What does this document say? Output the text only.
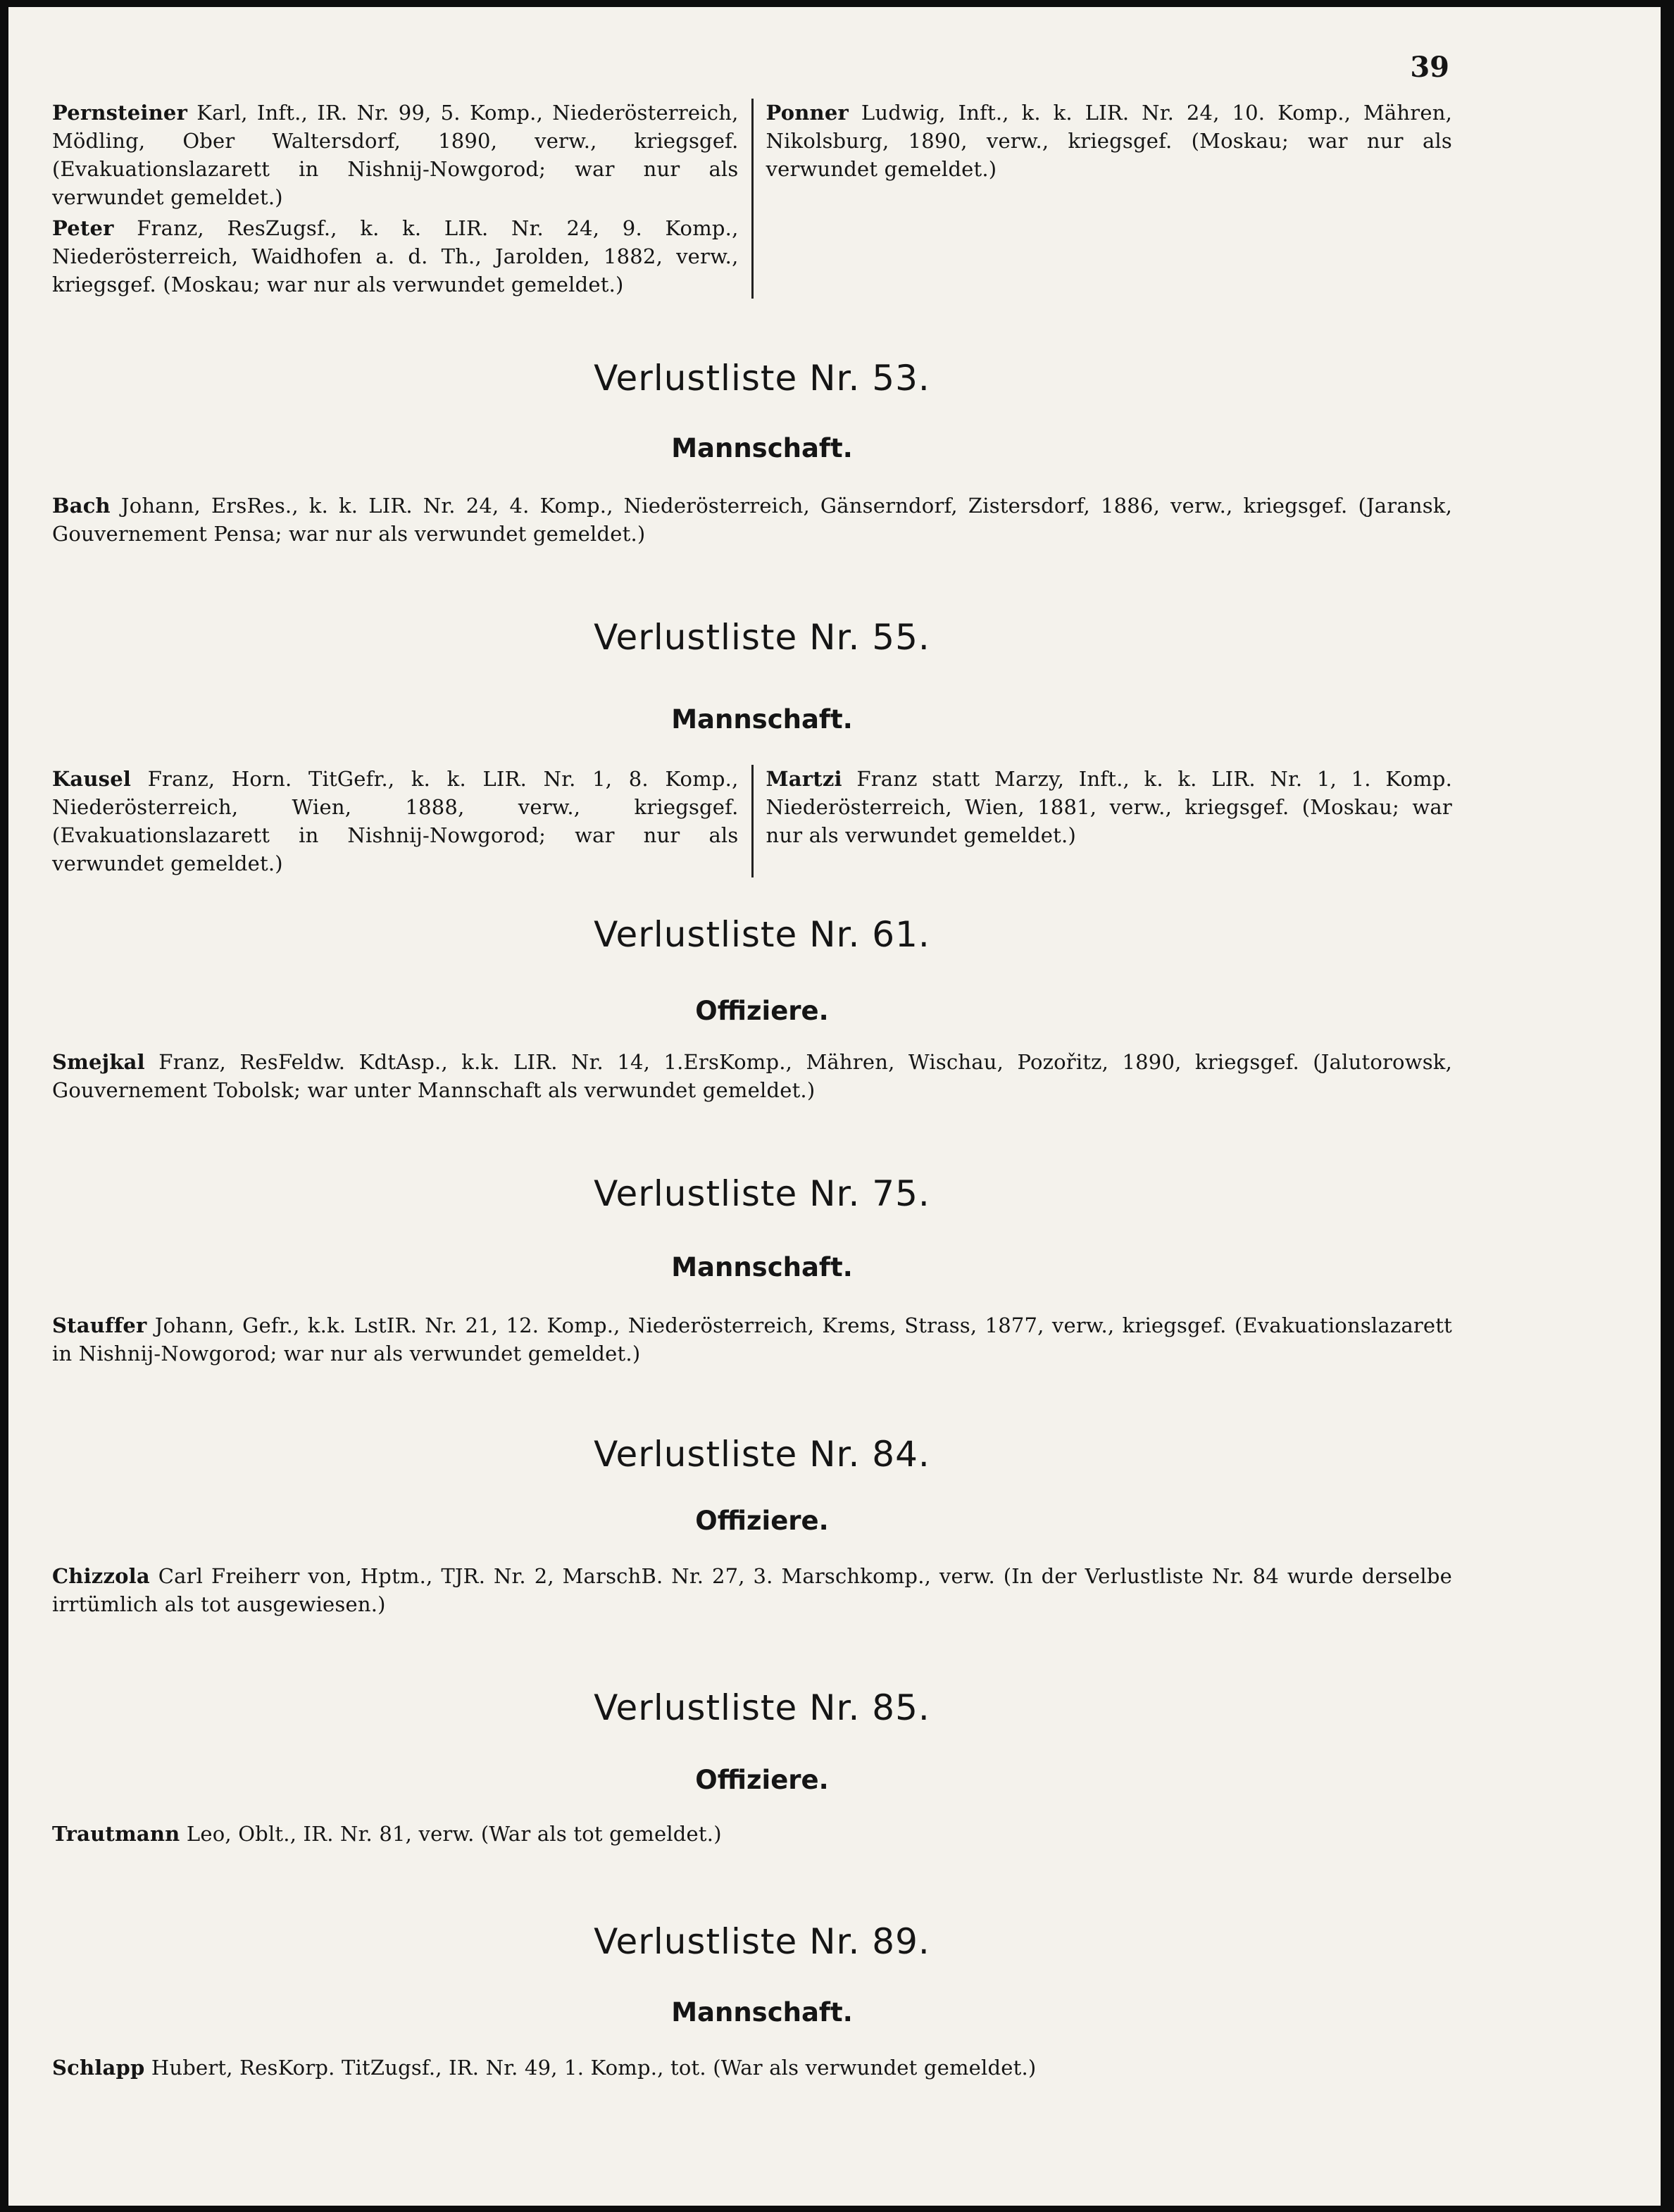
39

Pernsteiner Karl, Inft., IR. Nr. 99, 5. Komp., Niederösterreich, Mödling, Ober Waltersdorf, 1890, verw., kriegsgef. (Evakuationslazarett in Nishnij-Nowgorod; war nur als verwundet gemeldet.)

Peter Franz, ResZugsf., k. k. LIR. Nr. 24, 9. Komp., Niederösterreich, Waidhofen a. d. Th., Jarolden, 1882, verw., kriegsgef. (Moskau; war nur als verwundet gemeldet.)

Ponner Ludwig, Inft., k. k. LIR. Nr. 24, 10. Komp., Mähren, Nikolsburg, 1890, verw., kriegsgef. (Moskau; war nur als verwundet gemeldet.)

Verlustliste Nr. 53.
Mannschaft.

Bach Johann, ErsRes., k. k. LIR. Nr. 24, 4. Komp., Niederösterreich, Gänserndorf, Zistersdorf, 1886, verw., kriegsgef. (Jaransk, Gouvernement Pensa; war nur als verwundet gemeldet.)

Verlustliste Nr. 55.
Mannschaft.

Kausel Franz, Horn. TitGefr., k. k. LIR. Nr. 1, 8. Komp., Niederösterreich, Wien, 1888, verw., kriegsgef. (Evakuationslazarett in Nishnij-Nowgorod; war nur als verwundet gemeldet.)

Martzi Franz statt Marzy, Inft., k. k. LIR. Nr. 1, 1. Komp. Niederösterreich, Wien, 1881, verw., kriegsgef. (Moskau; war nur als verwundet gemeldet.)

Verlustliste Nr. 61.
Offiziere.

Smejkal Franz, ResFeldw. KdtAsp., k.k. LIR. Nr. 14, 1.ErsKomp., Mähren, Wischau, Pozořitz, 1890, kriegsgef. (Jalutorowsk, Gouvernement Tobolsk; war unter Mannschaft als verwundet gemeldet.)

Verlustliste Nr. 75.
Mannschaft.

Stauffer Johann, Gefr., k.k. LstIR. Nr. 21, 12. Komp., Niederösterreich, Krems, Strass, 1877, verw., kriegsgef. (Evakuationslazarett in Nishnij-Nowgorod; war nur als verwundet gemeldet.)

Verlustliste Nr. 84.
Offiziere.

Chizzola Carl Freiherr von, Hptm., TJR. Nr. 2, MarschB. Nr. 27, 3. Marschkomp., verw. (In der Verlustliste Nr. 84 wurde derselbe irrtümlich als tot ausgewiesen.)

Verlustliste Nr. 85.
Offiziere.

Trautmann Leo, Oblt., IR. Nr. 81, verw. (War als tot gemeldet.)

Verlustliste Nr. 89.
Mannschaft.

Schlapp Hubert, ResKorp. TitZugsf., IR. Nr. 49, 1. Komp., tot. (War als verwundet gemeldet.)
